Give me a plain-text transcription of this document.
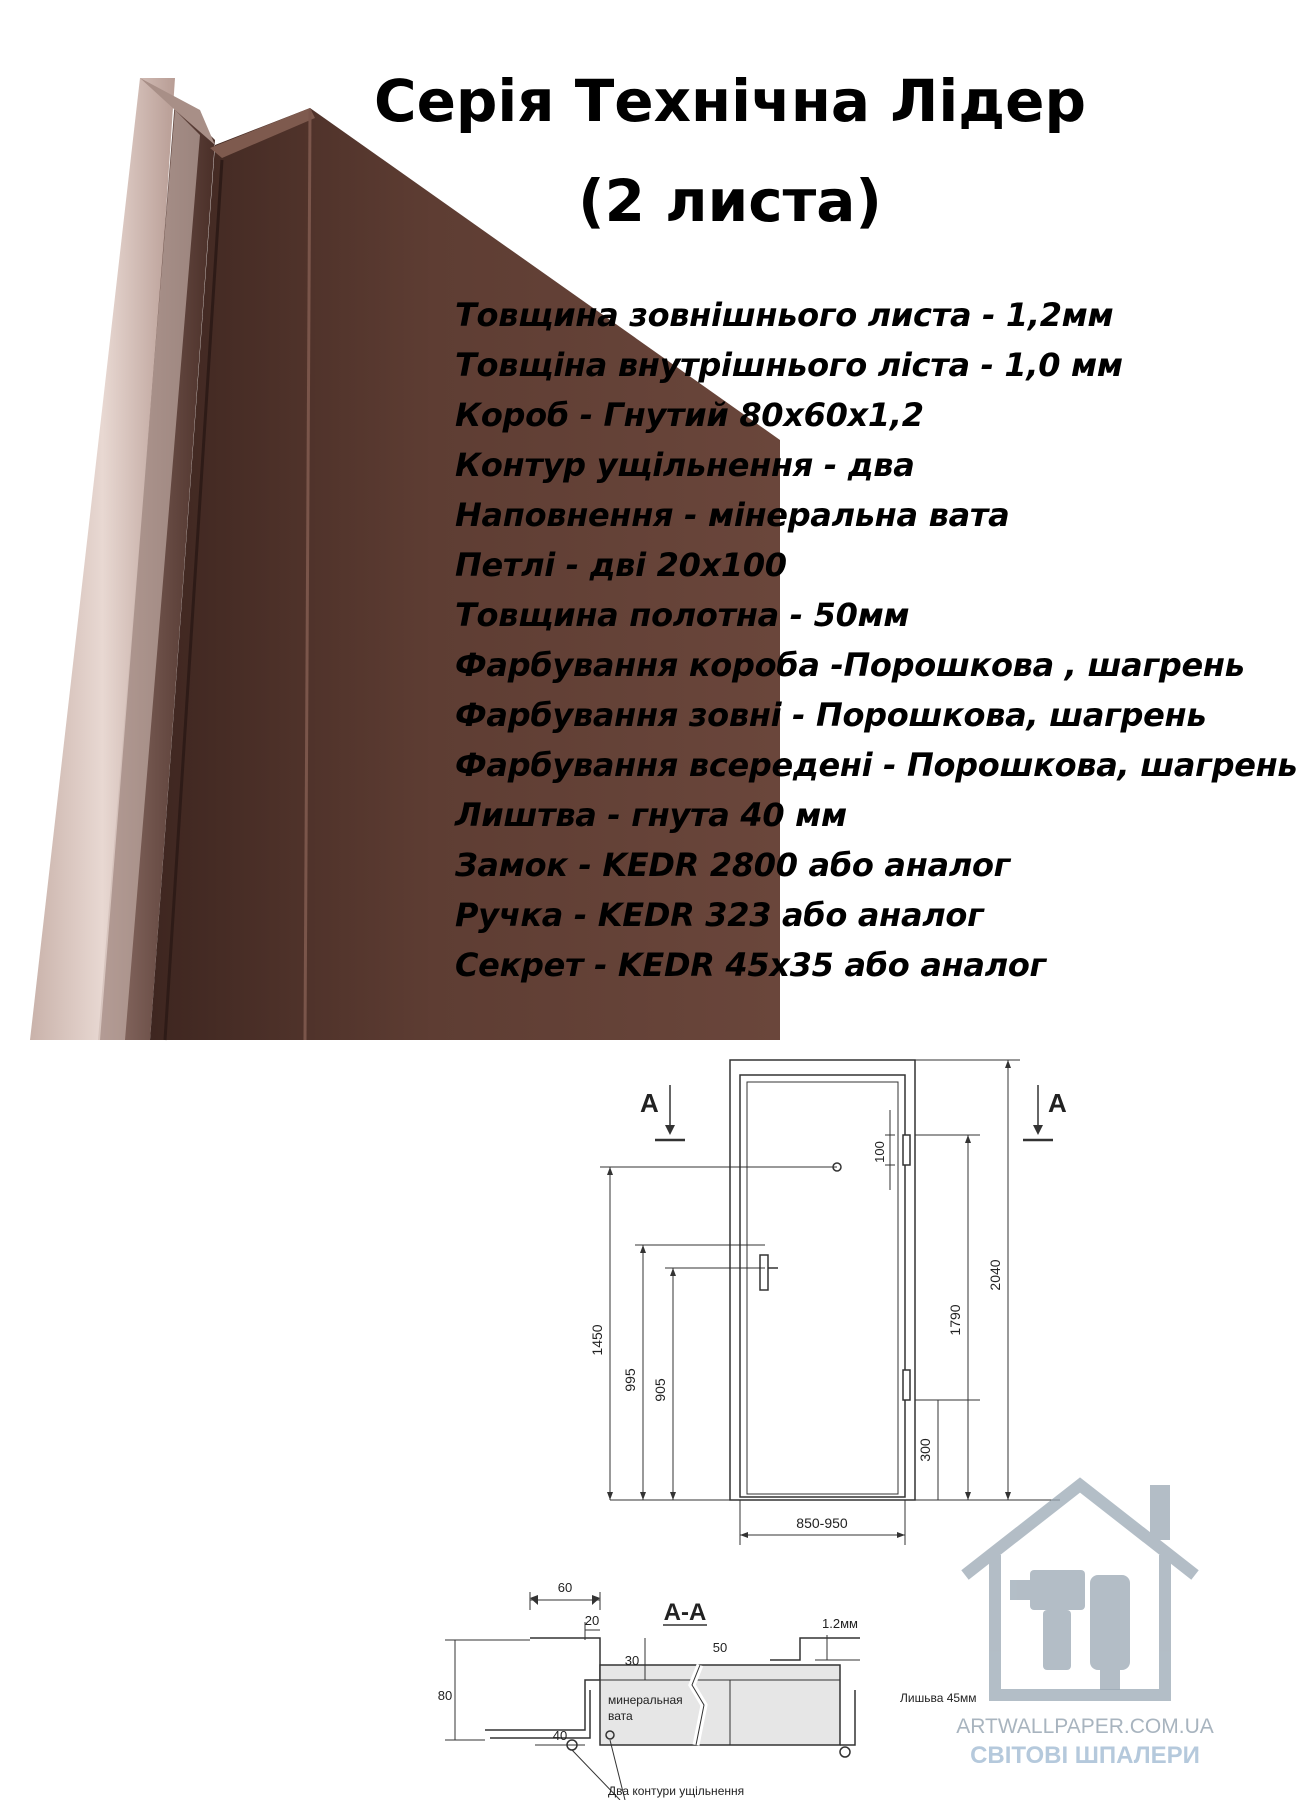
Серія Технічна Лідер
(2 листа)
Товщина зовнішнього листа - 1,2мм
Товщіна внутрішнього ліста - 1,0 мм
Короб - Гнутий 80х60х1,2
Контур ущільнення - два
Наповнення - мінеральна вата
Петлі - дві 20х100
Товщина полотна - 50мм
Фарбування короба -Порошкова , шагрень
Фарбування зовні - Порошкова, шагрень
Фарбування всередені - Порошкова, шагрень
Лиштва - гнута 40 мм
Замок - KEDR 2800 або аналог
Ручка - KEDR 323 або аналог
Секрет - KEDR 45х35 або аналог
A	A
100
1450
995 905
1790
2040
300
850-950
А-А
60
20
30
50
80
40
1.2мм
минеральная
вата
Лишьва 45мм
Два контури ущільнення
ARTWALLPAPER.COM.UA
СВІТОВІ ШПАЛЕРИ
